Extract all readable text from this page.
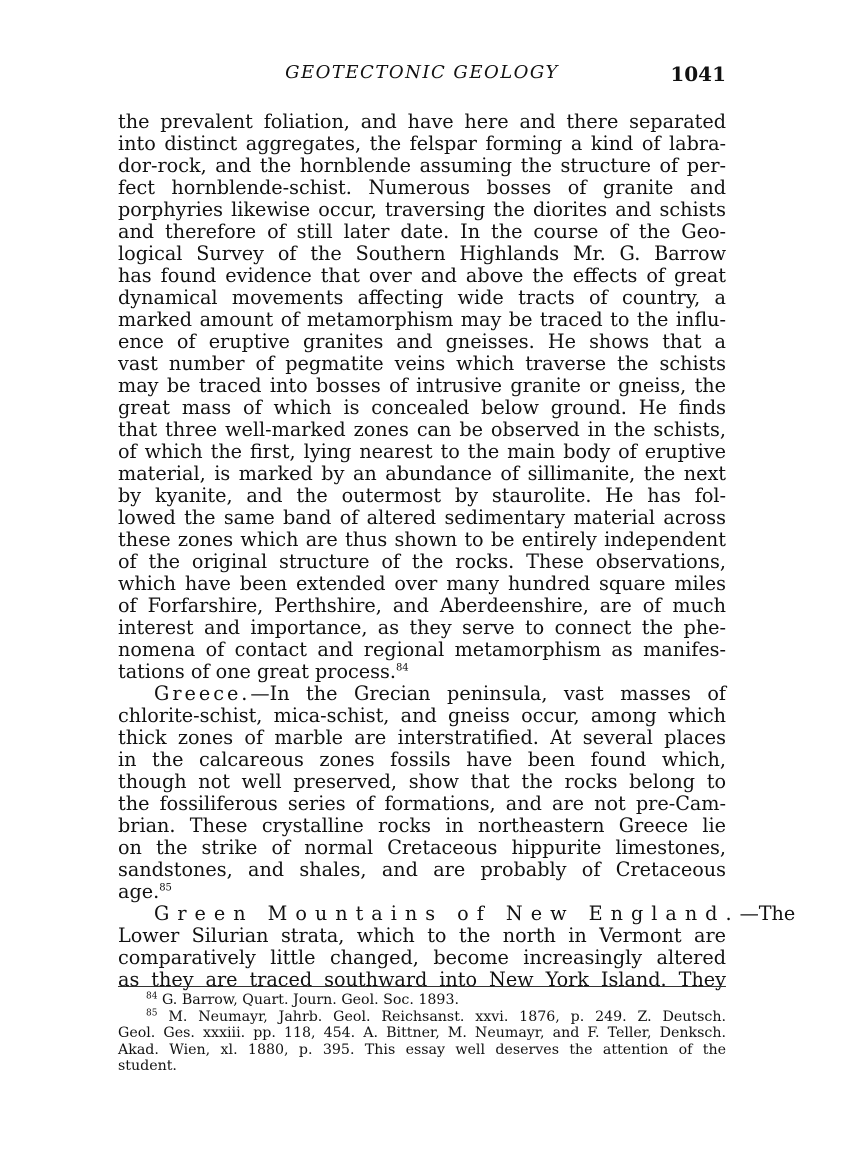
GEOTECTONIC GEOLOGY	1041
the prevalent foliation, and have here and there separated
into distinct aggregates, the felspar forming a kind of labra-
dor-rock, and the hornblende assuming the structure of per-
fect hornblende-schist. Numerous bosses of granite and
porphyries likewise occur, traversing the diorites and schists
and therefore of still later date. In the course of the Geo-
logical Survey of the Southern Highlands Mr. G. Barrow
has found evidence that over and above the effects of great
dynamical movements affecting wide tracts of country, a
marked amount of metamorphism may be traced to the influ-
ence of eruptive granites and gneisses. He shows that a
vast number of pegmatite veins which traverse the schists
may be traced into bosses of intrusive granite or gneiss, the
great mass of which is concealed below ground. He finds
that three well-marked zones can be observed in the schists,
of which the first, lying nearest to the main body of eruptive
material, is marked by an abundance of sillimanite, the next
by kyanite, and the outermost by staurolite. He has fol-
lowed the same band of altered sedimentary material across
these zones which are thus shown to be entirely independent
of the original structure of the rocks. These observations,
which have been extended over many hundred square miles
of Forfarshire, Perthshire, and Aberdeenshire, are of much
interest and importance, as they serve to connect the phe-
nomena of contact and regional metamorphism as manifes-
tations of one great process.$^{84}$
Greece.—In the Grecian peninsula, vast masses of
chlorite-schist, mica-schist, and gneiss occur, among which
thick zones of marble are interstratified. At several places
in the calcareous zones fossils have been found which,
though not well preserved, show that the rocks belong to
the fossiliferous series of formations, and are not pre-Cam-
brian. These crystalline rocks in northeastern Greece lie
on the strike of normal Cretaceous hippurite limestones,
sandstones, and shales, and are probably of Cretaceous
age.$^{85}$
Green Mountains of New England.—The
Lower Silurian strata, which to the north in Vermont are
comparatively little changed, become increasingly altered
as they are traced southward into New York Island. They
$^{84}$ G. Barrow, Quart. Journ. Geol. Soc. 1893.
$^{85}$ M. Neumayr, Jahrb. Geol. Reichsanst. xxvi. 1876, p. 249. Z. Deutsch.
Geol. Ges. xxxiii. pp. 118, 454. A. Bittner, M. Neumayr, and F. Teller, Denksch.
Akad. Wien, xl. 1880, p. 395. This essay well deserves the attention of the
student.
